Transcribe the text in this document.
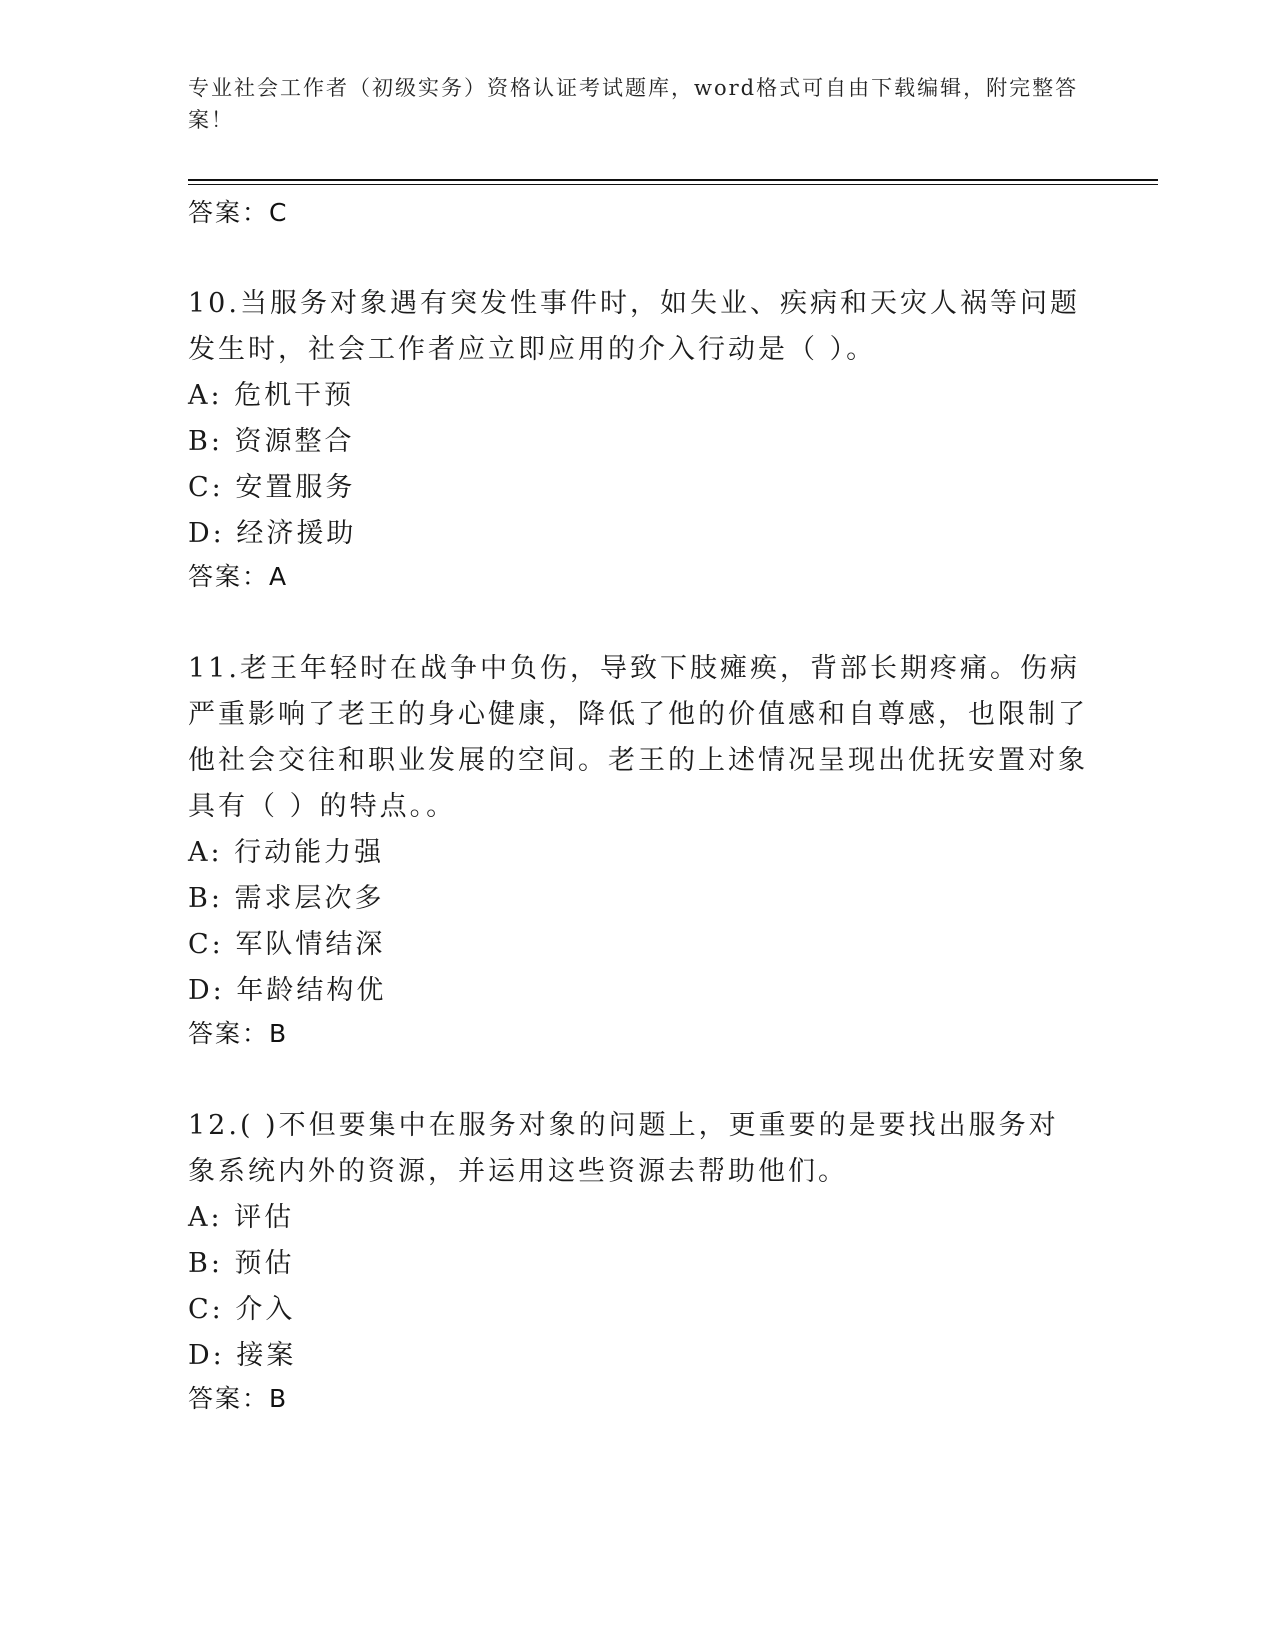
专业社会工作者（初级实务）资格认证考试题库，word格式可自由下载编辑，附完整答案！
答案：C
10.当服务对象遇有突发性事件时，如失业、疾病和天灾人祸等问题发生时，社会工作者应立即应用的介入行动是（ ）。
A: 危机干预
B: 资源整合
C: 安置服务
D: 经济援助
答案：A
11.老王年轻时在战争中负伤，导致下肢瘫痪，背部长期疼痛。伤病严重影响了老王的身心健康，降低了他的价值感和自尊感，也限制了他社会交往和职业发展的空间。老王的上述情况呈现出优抚安置对象具有（ ）的特点。。
A: 行动能力强
B: 需求层次多
C: 军队情结深
D: 年龄结构优
答案：B
12.( )不但要集中在服务对象的问题上，更重要的是要找出服务对象系统内外的资源，并运用这些资源去帮助他们。
A: 评估
B: 预估
C: 介入
D: 接案
答案：B
